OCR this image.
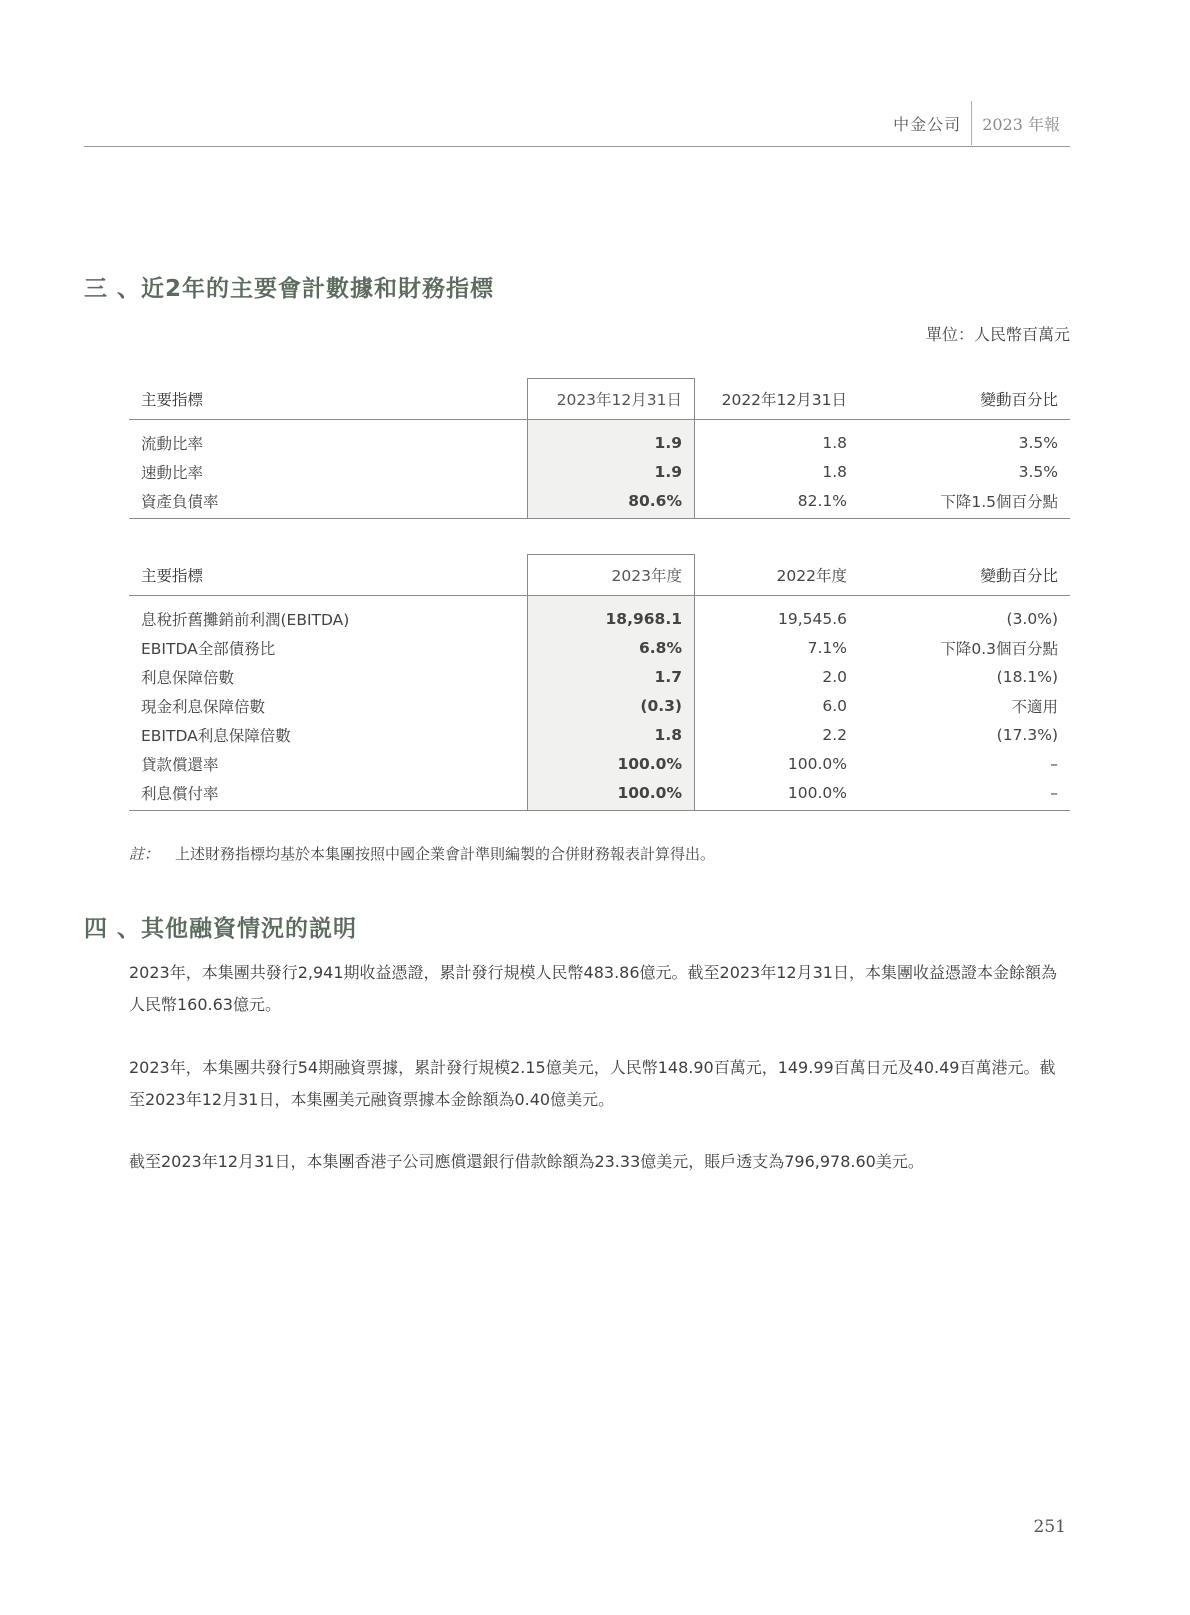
中金公司	2023 年報
三 、近2年的主要會計數據和財務指標
單位：人民幣百萬元
主要指標	2023年12月31日	2022年12月31日	變動百分比
流動比率	1.9	1.8	3.5%
速動比率	1.9	1.8	3.5%
資產負債率	80.6%	82.1%	下降1.5個百分點
主要指標	2023年度	2022年度	變動百分比
息稅折舊攤銷前利潤(EBITDA)	18,968.1	19,545.6	(3.0%)
EBITDA全部債務比	6.8%	7.1%	下降0.3個百分點
利息保障倍數	1.7	2.0	(18.1%)
現金利息保障倍數	(0.3)	6.0	不適用
EBITDA利息保障倍數	1.8	2.2	(17.3%)
貸款償還率	100.0%	100.0%	–
利息償付率	100.0%	100.0%	–
註： 上述財務指標均基於本集團按照中國企業會計準則編製的合併財務報表計算得出。
四 、其他融資情況的説明
2023年，本集團共發行2,941期收益憑證，累計發行規模人民幣483.86億元。截至2023年12月31日，本集團收益憑證本金餘額為人民幣160.63億元。
2023年，本集團共發行54期融資票據，累計發行規模2.15億美元，人民幣148.90百萬元，149.99百萬日元及40.49百萬港元。截至2023年12月31日，本集團美元融資票據本金餘額為0.40億美元。
截至2023年12月31日，本集團香港子公司應償還銀行借款餘額為23.33億美元，賬戶透支為796,978.60美元。
251
